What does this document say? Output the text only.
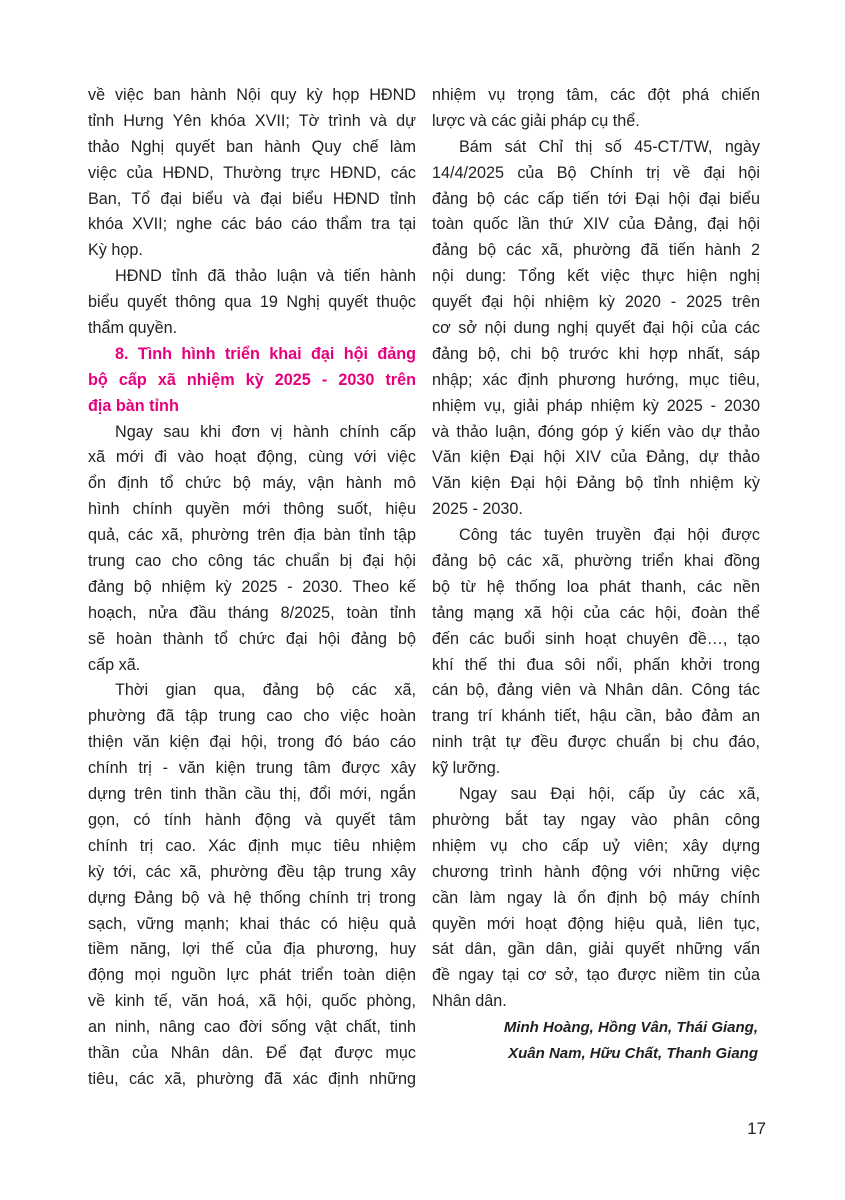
về việc ban hành Nội quy kỳ họp HĐND
tỉnh Hưng Yên khóa XVII; Tờ trình và dự
thảo Nghị quyết ban hành Quy chế làm
việc của HĐND, Thường trực HĐND, các
Ban, Tổ đại biểu và đại biểu HĐND tỉnh
khóa XVII; nghe các báo cáo thẩm tra tại
Kỳ họp.
HĐND tỉnh đã thảo luận và tiến hành
biểu quyết thông qua 19 Nghị quyết thuộc
thẩm quyền.
8. Tình hình triển khai đại hội đảng
bộ cấp xã nhiệm kỳ 2025 - 2030 trên
địa bàn tỉnh
Ngay sau khi đơn vị hành chính cấp
xã mới đi vào hoạt động, cùng với việc
ổn định tổ chức bộ máy, vận hành mô
hình chính quyền mới thông suốt, hiệu
quả, các xã, phường trên địa bàn tỉnh tập
trung cao cho công tác chuẩn bị đại hội
đảng bộ nhiệm kỳ 2025 - 2030. Theo kế
hoạch, nửa đầu tháng 8/2025, toàn tỉnh
sẽ hoàn thành tổ chức đại hội đảng bộ
cấp xã.
Thời gian qua, đảng bộ các xã,
phường đã tập trung cao cho việc hoàn
thiện văn kiện đại hội, trong đó báo cáo
chính trị - văn kiện trung tâm được xây
dựng trên tinh thần cầu thị, đổi mới, ngắn
gọn, có tính hành động và quyết tâm
chính trị cao. Xác định mục tiêu nhiệm
kỳ tới, các xã, phường đều tập trung xây
dựng Đảng bộ và hệ thống chính trị trong
sạch, vững mạnh; khai thác có hiệu quả
tiềm năng, lợi thế của địa phương, huy
động mọi nguồn lực phát triển toàn diện
về kinh tế, văn hoá, xã hội, quốc phòng,
an ninh, nâng cao đời sống vật chất, tinh
thần của Nhân dân. Để đạt được mục
tiêu, các xã, phường đã xác định những
nhiệm vụ trọng tâm, các đột phá chiến
lược và các giải pháp cụ thể.
Bám sát Chỉ thị số 45-CT/TW, ngày
14/4/2025 của Bộ Chính trị về đại hội
đảng bộ các cấp tiến tới Đại hội đại biểu
toàn quốc lần thứ XIV của Đảng, đại hội
đảng bộ các xã, phường đã tiến hành 2
nội dung: Tổng kết việc thực hiện nghị
quyết đại hội nhiệm kỳ 2020 - 2025 trên
cơ sở nội dung nghị quyết đại hội của các
đảng bộ, chi bộ trước khi hợp nhất, sáp
nhập; xác định phương hướng, mục tiêu,
nhiệm vụ, giải pháp nhiệm kỳ 2025 - 2030
và thảo luận, đóng góp ý kiến vào dự thảo
Văn kiện Đại hội XIV của Đảng, dự thảo
Văn kiện Đại hội Đảng bộ tỉnh nhiệm kỳ
2025 - 2030.
Công tác tuyên truyền đại hội được
đảng bộ các xã, phường triển khai đồng
bộ từ hệ thống loa phát thanh, các nền
tảng mạng xã hội của các hội, đoàn thể
đến các buổi sinh hoạt chuyên đề…, tạo
khí thế thi đua sôi nổi, phấn khởi trong
cán bộ, đảng viên và Nhân dân. Công tác
trang trí khánh tiết, hậu cần, bảo đảm an
ninh trật tự đều được chuẩn bị chu đáo,
kỹ lưỡng.
Ngay sau Đại hội, cấp ủy các xã,
phường bắt tay ngay vào phân công
nhiệm vụ cho cấp uỷ viên; xây dựng
chương trình hành động với những việc
cần làm ngay là ổn định bộ máy chính
quyền mới hoạt động hiệu quả, liên tục,
sát dân, gần dân, giải quyết những vấn
đề ngay tại cơ sở, tạo được niềm tin của
Nhân dân.
Minh Hoàng, Hồng Vân, Thái Giang,
Xuân Nam, Hữu Chất, Thanh Giang
17
